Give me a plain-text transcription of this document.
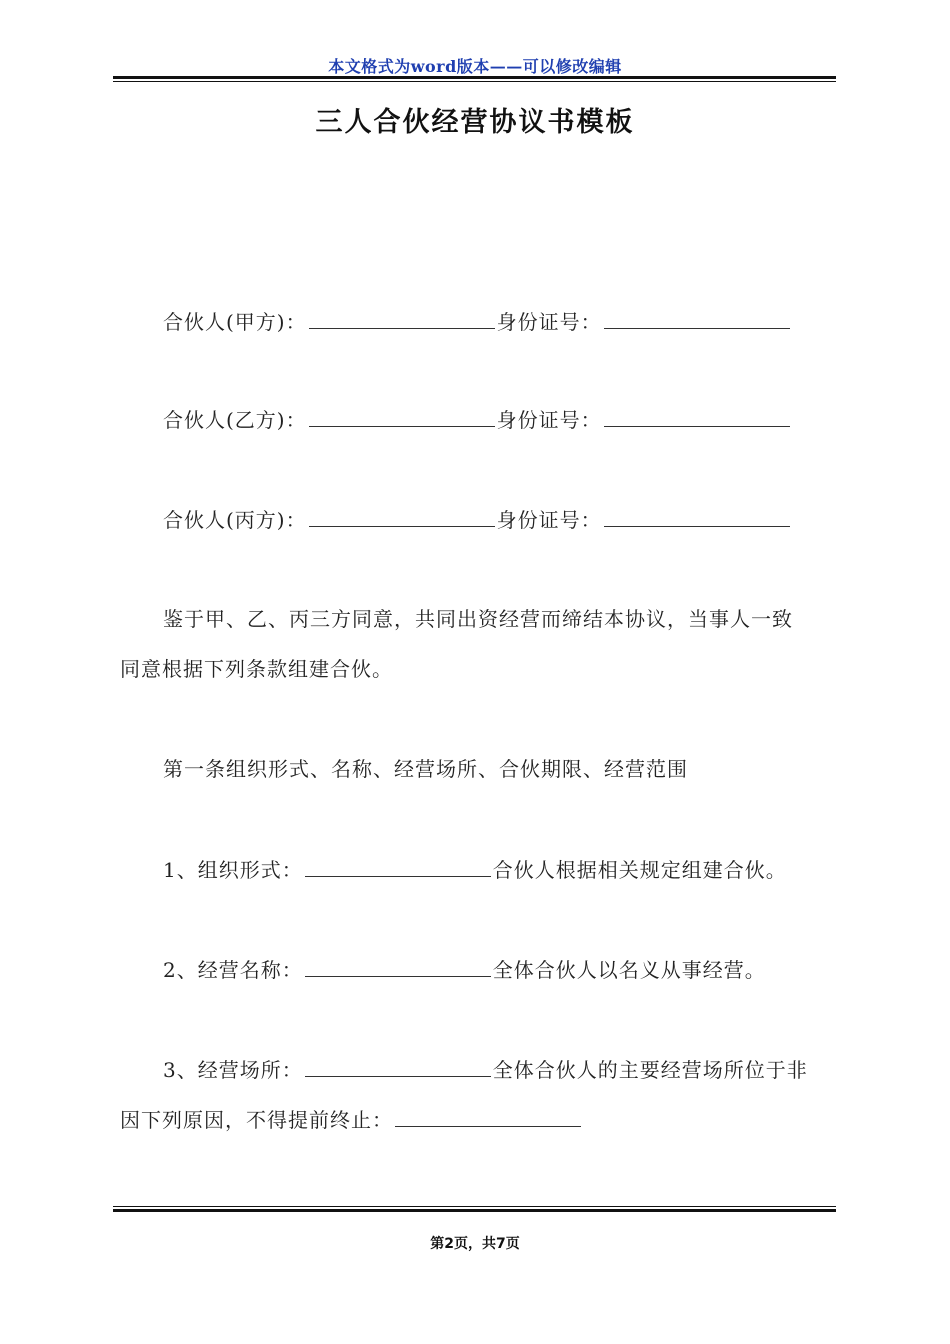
本文格式为word版本——可以修改编辑
三人合伙经营协议书模板
合伙人(甲方)：	身份证号：
合伙人(乙方)：	身份证号：
合伙人(丙方)：	身份证号：
鉴于甲、乙、丙三方同意，共同出资经营而缔结本协议，当事人一致
同意根据下列条款组建合伙。
第一条组织形式、名称、经营场所、合伙期限、经营范围
1、组织形式：	合伙人根据相关规定组建合伙。
2、经营名称：	全体合伙人以名义从事经营。
3、经营场所：	全体合伙人的主要经营场所位于非
因下列原因，不得提前终止：
第2页，共7页
